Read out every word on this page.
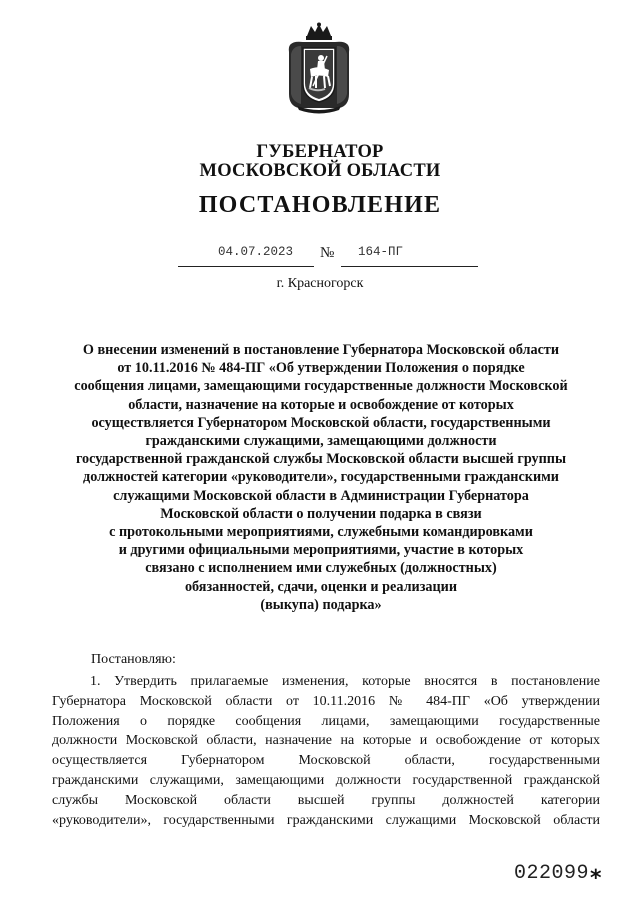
ГУБЕРНАТОР
МОСКОВСКОЙ ОБЛАСТИ
ПОСТАНОВЛЕНИЕ
04.07.2023 № 164-ПГ
г. Красногорск
О внесении изменений в постановление Губернатора Московской области
от 10.11.2016 № 484-ПГ «Об утверждении Положения о порядке
сообщения лицами, замещающими государственные должности Московской
области, назначение на которые и освобождение от которых
осуществляется Губернатором Московской области, государственными
гражданскими служащими, замещающими должности
государственной гражданской службы Московской области высшей группы
должностей категории «руководители», государственными гражданскими
служащими Московской области в Администрации Губернатора
Московской области о получении подарка в связи
с протокольными мероприятиями, служебными командировками
и другими официальными мероприятиями, участие в которых
связано с исполнением ими служебных (должностных)
обязанностей, сдачи, оценки и реализации
(выкупа) подарка»
Постановляю:
1. Утвердить прилагаемые изменения, которые вносятся в постановление
Губернатора Московской области от 10.11.2016 № 484-ПГ «Об утверждении
Положения о порядке сообщения лицами, замещающими государственные
должности Московской области, назначение на которые и освобождение от которых
осуществляется Губернатором Московской области, государственными
гражданскими служащими, замещающими должности государственной гражданской
службы Московской области высшей группы должностей категории
«руководители», государственными гражданскими служащими Московской области
022099 *
